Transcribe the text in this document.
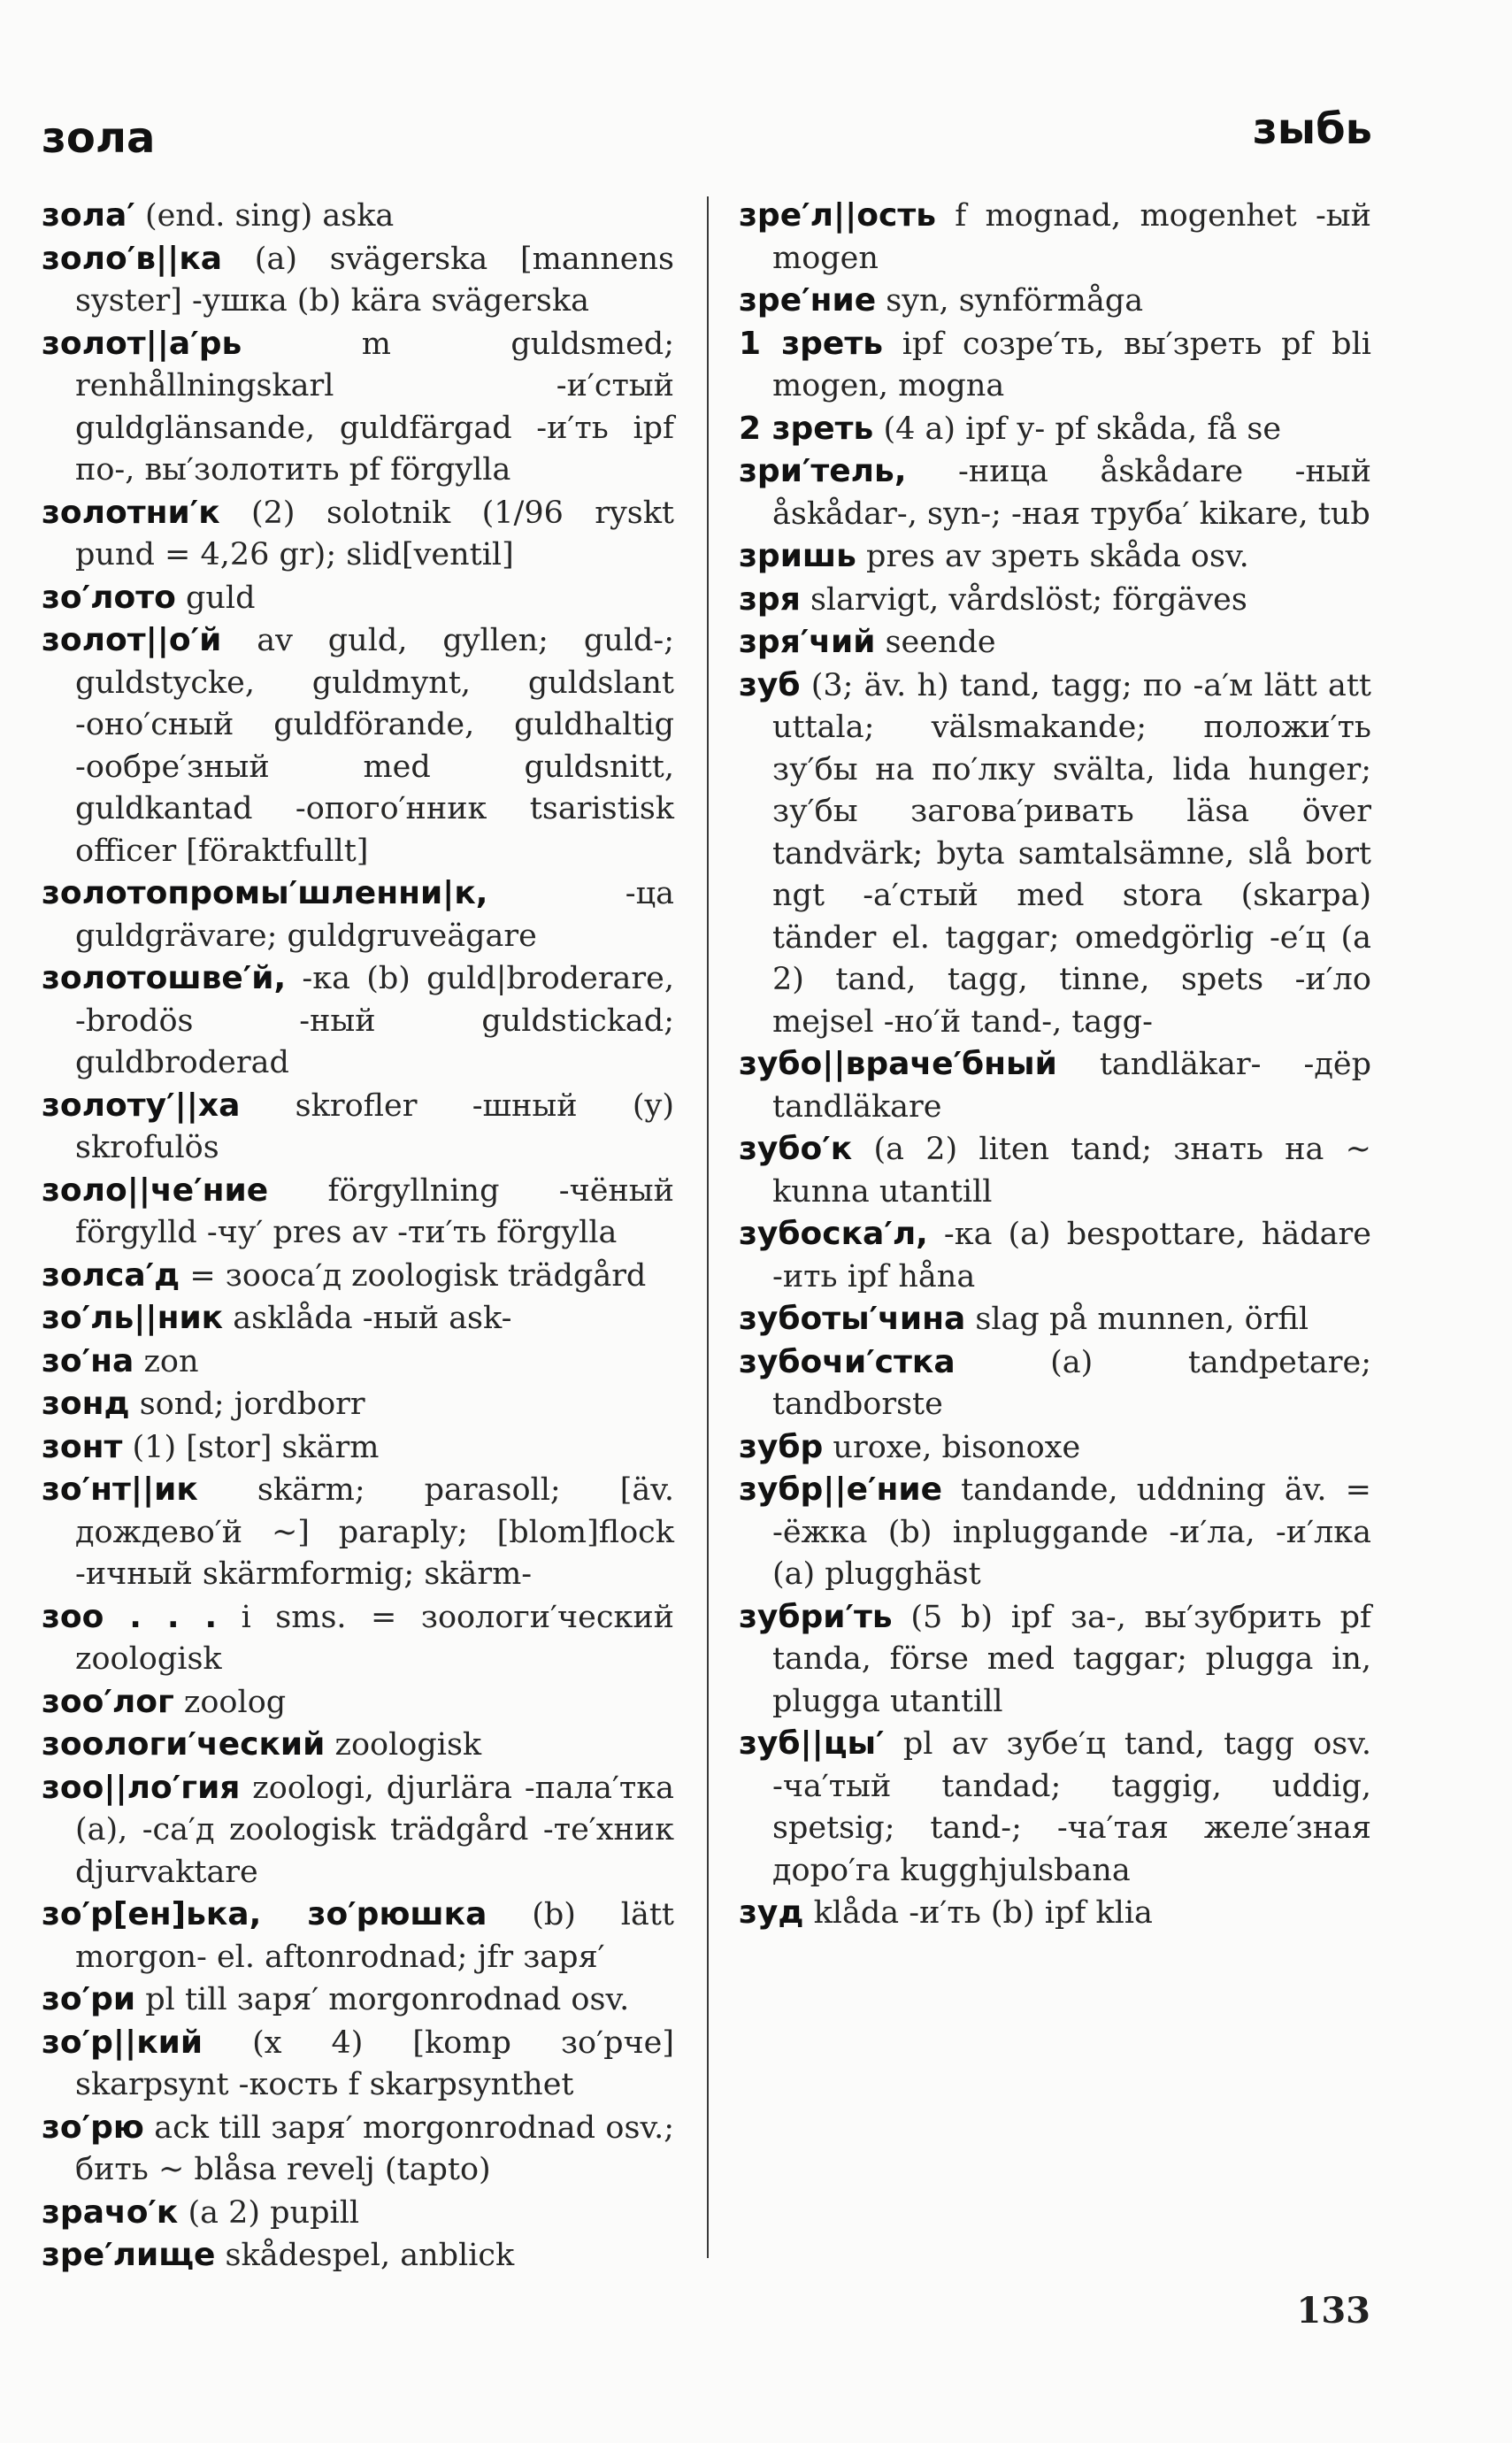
зола	зыбь

зола′ (end. sing) aska

золо′в||ка (a) svägerska [mannens syster] -ушка (b) kära svägerska

золот||а′рь m guldsmed; renhållningskarl -и′стый guldglänsande, guldfärgad -и′ть ipf по-, вы′золотить pf förgylla

золотни′к (2) solotnik (1/96 ryskt pund = 4,26 gr); slid[ventil]

зо′лото guld

золот||о′й av guld, gyllen; guld-; guldstycke, guldmynt, guldslant -оно′сный guldförande, guldhaltig -ообре′зный med guldsnitt, guldkantad -опого′нник tsaristisk officer [föraktfullt]

золотопромы′шленни|к, -ца guldgrävare; guldgruveägare

золотошве′й, -ка (b) guld|broderare, -brodös -ный guldstickad; guldbroderad

золоту′||ха skrofler -шный (y) skrofulös

золо||че′ние förgyllning -чёный förgylld -чу′ pres av -ти′ть förgylla

золса′д = зооса′д zoologisk trädgård

зо′ль||ник asklåda -ный ask-

зо′на zon

зонд sond; jordborr

зонт (1) [stor] skärm

зо′нт||ик skärm; parasoll; [äv. дождево′й ~] paraply; [blom]flock -ичный skärmformig; skärm-

зоо . . . i sms. = зоологи′ческий zoologisk

зоо′лог zoolog

зоологи′ческий zoologisk

зоо||ло′гия zoologi, djurlära -пала′тка (a), -са′д zoologisk trädgård -те′хник djurvaktare

зо′р[ен]ька, зо′рюшка (b) lätt morgon- el. aftonrodnad; jfr заря′

зо′ри pl till заря′ morgonrodnad osv.

зо′р||кий (x 4) [komp зо′рче] skarpsynt -кость f skarpsynthet

зо′рю ack till заря′ morgonrodnad osv.; бить ~ blåsa revelj (tapto)

зрачо′к (a 2) pupill

зре′лище skådespel, anblick

зре′л||ость f mognad, mogenhet -ый mogen

зре′ние syn, synförmåga

1 зреть ipf созре′ть, вы′зреть pf bli mogen, mogna

2 зреть (4 a) ipf у- pf skåda, få se

зри′тель, -ница åskådare -ный åskådar-, syn-; -ная труба′ kikare, tub

зришь pres av зреть skåda osv.

зря slarvigt, vårdslöst; förgäves

зря′чий seende

зуб (3; äv. h) tand, tagg; по -а′м lätt att uttala; välsmakande; положи′ть зу′бы на по′лку svälta, lida hunger; зу′бы загова′ривать läsa över tandvärk; byta samtalsämne, slå bort ngt -а′стый med stora (skarpa) tänder el. taggar; omedgörlig -е′ц (a 2) tand, tagg, tinne, spets -и′ло mejsel -но′й tand-, tagg-

зубо||враче′бный tandläkar- -дёр tandläkare

зубо′к (a 2) liten tand; знать на ~ kunna utantill

зубоска′л, -ка (a) bespottare, hädare -ить ipf håna

зуботы′чина slag på munnen, örfil

зубочи′стка (a) tandpetare; tandborste

зубр uroxe, bisonoxe

зубр||е′ние tandande, uddning äv. = -ёжка (b) inpluggande -и′ла, -и′лка (a) plugghäst

зубри′ть (5 b) ipf за-, вы′зубрить pf tanda, förse med taggar; plugga in, plugga utantill

зуб||цы′ pl av зубе′ц tand, tagg osv. -ча′тый tandad; taggig, uddig, spetsig; tand-; -ча′тая желе′зная доро′га kugghjulsbana

зуд klåda -и′ть (b) ipf klia

133
